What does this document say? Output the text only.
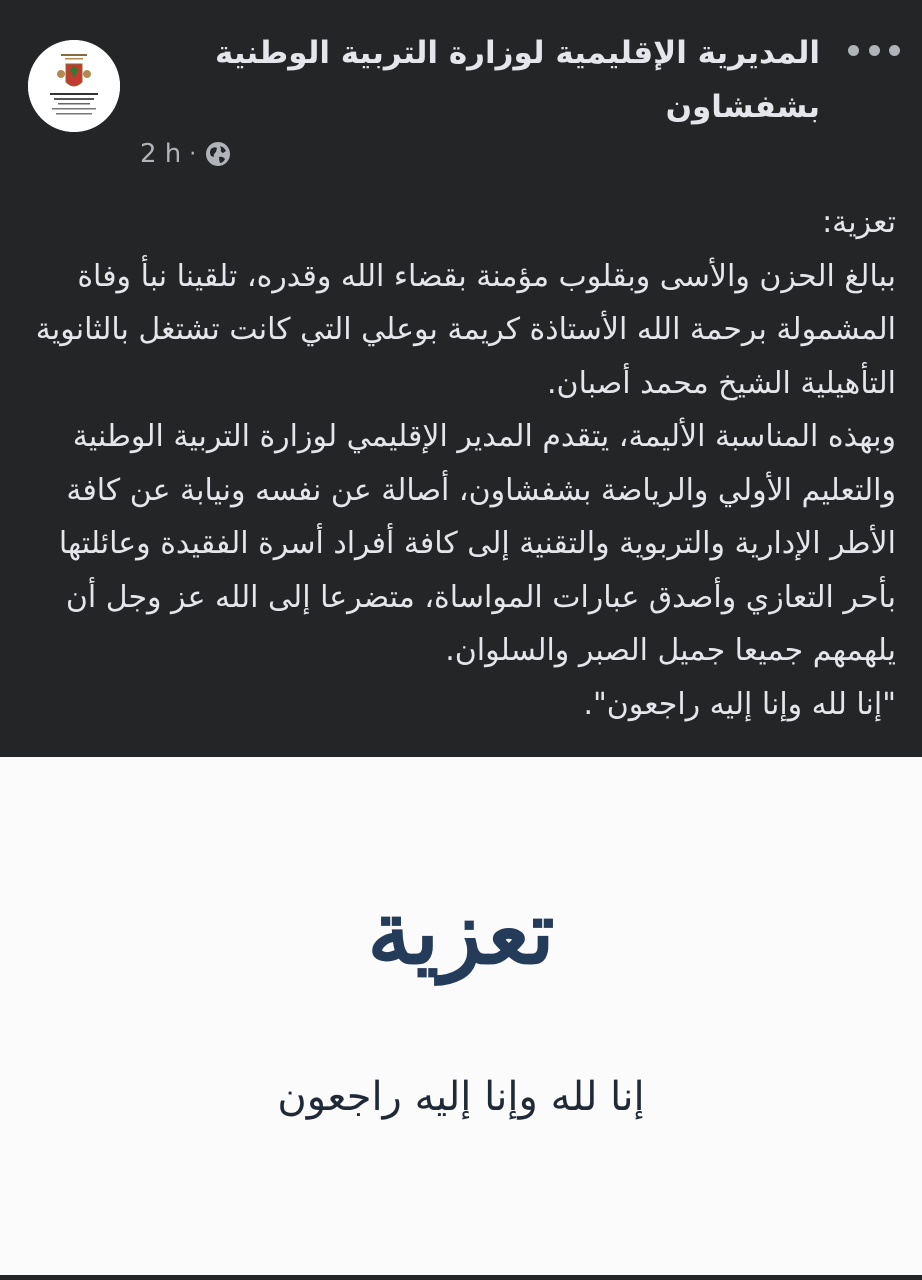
المديرية الإقليمية لوزارة التربية الوطنية بشفشاون
2 h ·

تعزية:

ببالغ الحزن والأسى وبقلوب مؤمنة بقضاء الله وقدره، تلقينا نبأ وفاة المشمولة برحمة الله الأستاذة كريمة بوعلي التي كانت تشتغل بالثانوية التأهيلية الشيخ محمد أصبان.

وبهذه المناسبة الأليمة، يتقدم المدير الإقليمي لوزارة التربية الوطنية والتعليم الأولي والرياضة بشفشاون، أصالة عن نفسه ونيابة عن كافة الأطر الإدارية والتربوية والتقنية إلى كافة أفراد أسرة الفقيدة وعائلتها بأحر التعازي وأصدق عبارات المواساة، متضرعا إلى الله عز وجل أن يلهمهم جميعا جميل الصبر والسلوان.

"إنا لله وإنا إليه راجعون".

تعزية
إنا لله وإنا إليه راجعون
